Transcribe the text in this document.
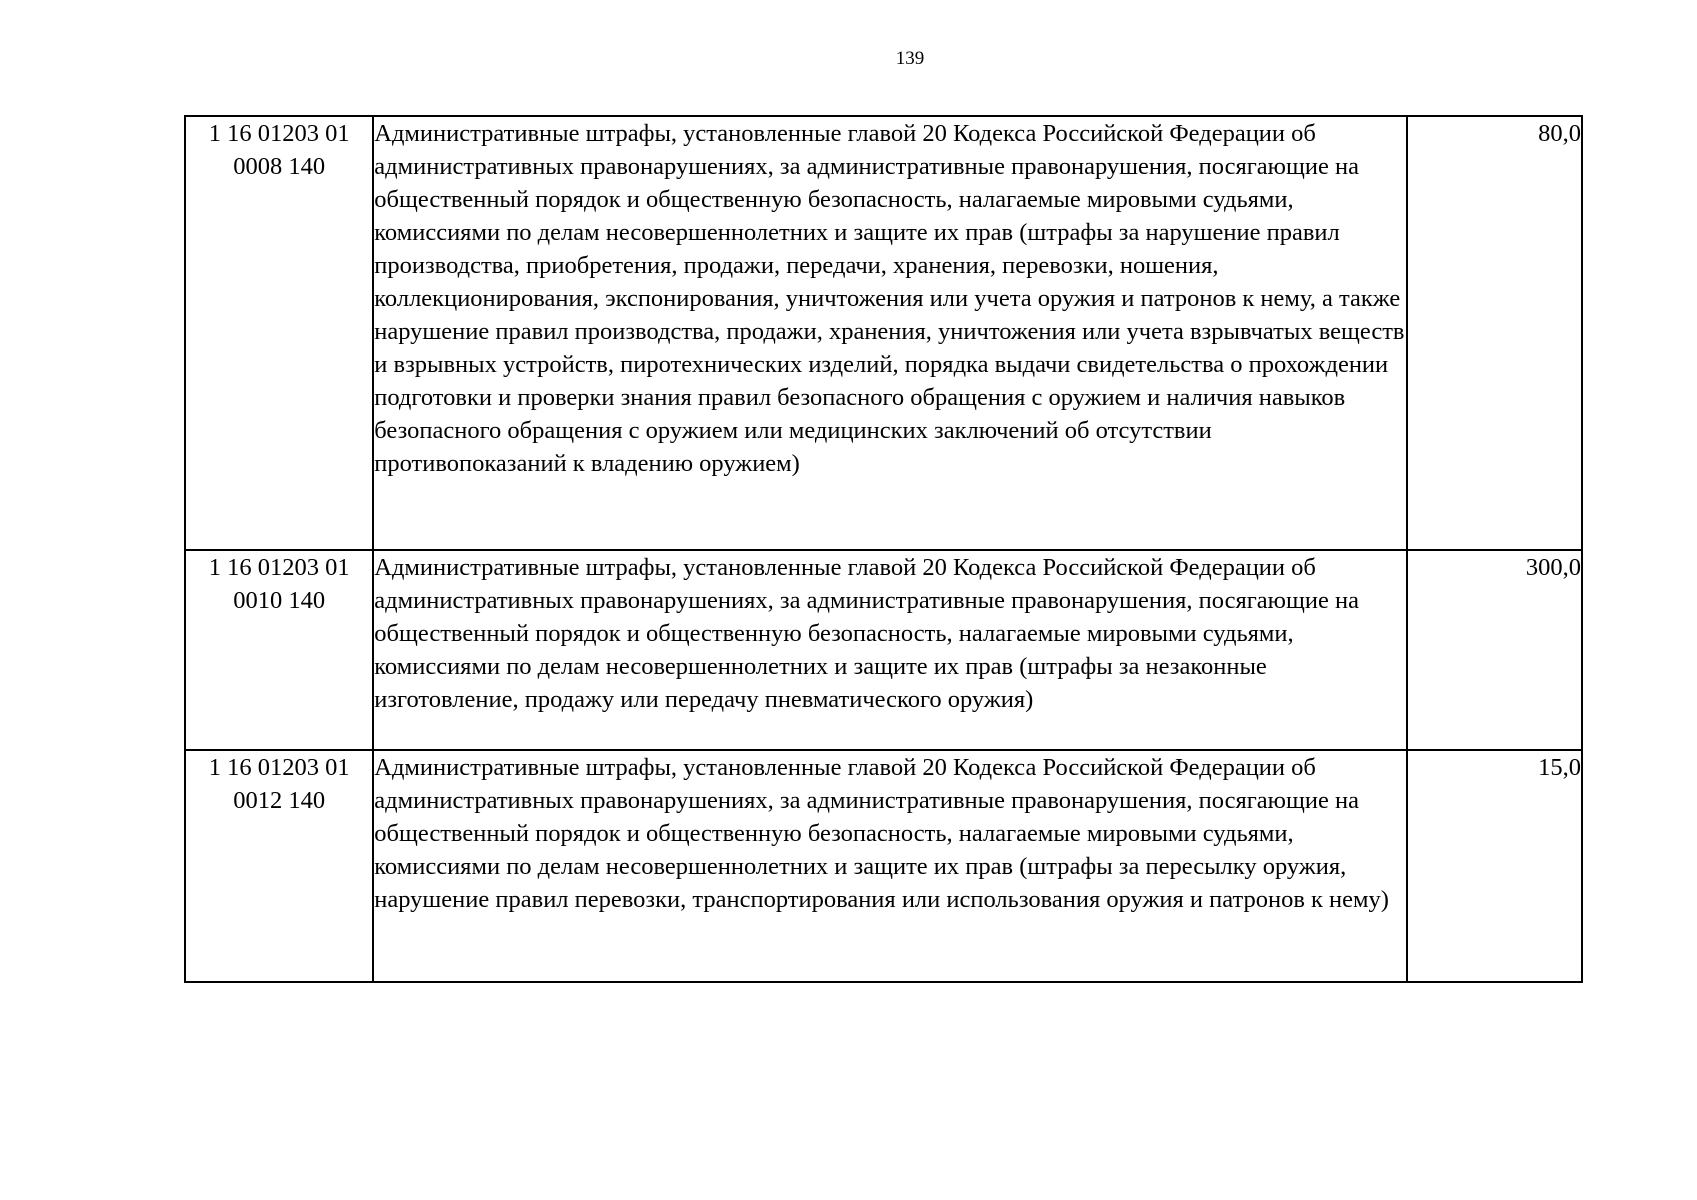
139
1 16 01203 01
0008 140	Административные штрафы, установленные главой 20 Кодекса Российской Федерации об административных правонарушениях, за административные правонарушения, посягающие на общественный порядок и общественную безопасность, налагаемые мировыми судьями, комиссиями по делам несовершеннолетних и защите их прав (штрафы за нарушение правил производства, приобретения, продажи, передачи, хранения, перевозки, ношения, коллекционирования, экспонирования, уничтожения или учета оружия и патронов к нему, а также нарушение правил производства, продажи, хранения, уничтожения или учета взрывчатых веществ и взрывных устройств, пиротехнических изделий, порядка выдачи свидетельства о прохождении подготовки и проверки знания правил безопасного обращения с оружием и наличия навыков безопасного обращения с оружием или медицинских заключений об отсутствии противопоказаний к владению оружием)	80,0

1 16 01203 01
0010 140	Административные штрафы, установленные главой 20 Кодекса Российской Федерации об административных правонарушениях, за административные правонарушения, посягающие на общественный порядок и общественную безопасность, налагаемые мировыми судьями, комиссиями по делам несовершеннолетних и защите их прав (штрафы за незаконные изготовление, продажу или передачу пневматического оружия)	300,0

1 16 01203 01
0012 140	Административные штрафы, установленные главой 20 Кодекса Российской Федерации об административных правонарушениях, за административные правонарушения, посягающие на общественный порядок и общественную безопасность, налагаемые мировыми судьями, комиссиями по делам несовершеннолетних и защите их прав (штрафы за пересылку оружия, нарушение правил перевозки, транспортирования или использования оружия и патронов к нему)	15,0
